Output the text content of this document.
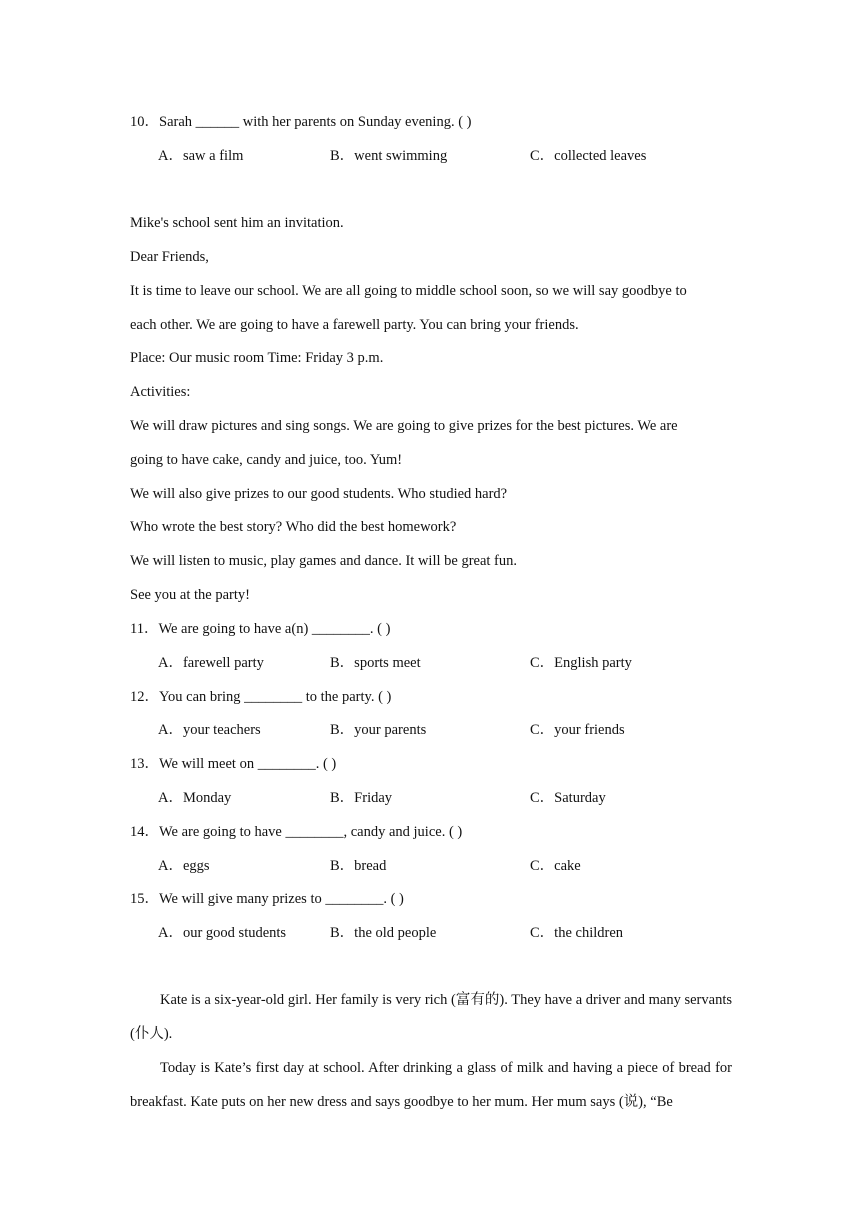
10．Sarah ______ with her parents on Sunday evening. ( )
A．saw a film	B．went swimming	C．collected leaves
Mike's school sent him an invitation.
Dear Friends,
It is time to leave our school. We are all going to middle school soon, so we will say goodbye to
each other. We are going to have a farewell party. You can bring your friends.
Place: Our music room Time: Friday 3 p.m.
Activities:
We will draw pictures and sing songs. We are going to give prizes for the best pictures. We are
going to have cake, candy and juice, too. Yum!
We will also give prizes to our good students. Who studied hard?
Who wrote the best story? Who did the best homework?
We will listen to music, play games and dance. It will be great fun.
See you at the party!
11．We are going to have a(n) ________. ( )
A．farewell party	B．sports meet	C．English party
12．You can bring ________ to the party. ( )
A．your teachers	B．your parents	C．your friends
13．We will meet on ________. ( )
A．Monday	B．Friday	C．Saturday
14．We are going to have ________, candy and juice. ( )
A．eggs	B．bread	C．cake
15．We will give many prizes to ________. ( )
A．our good students	B．the old people	C．the children
Kate is a six-year-old girl. Her family is very rich (富有的). They have a driver and many servants (仆人).
Today is Kate’s first day at school. After drinking a glass of milk and having a piece of bread for breakfast. Kate puts on her new dress and says goodbye to her mum. Her mum says (说), “Be
